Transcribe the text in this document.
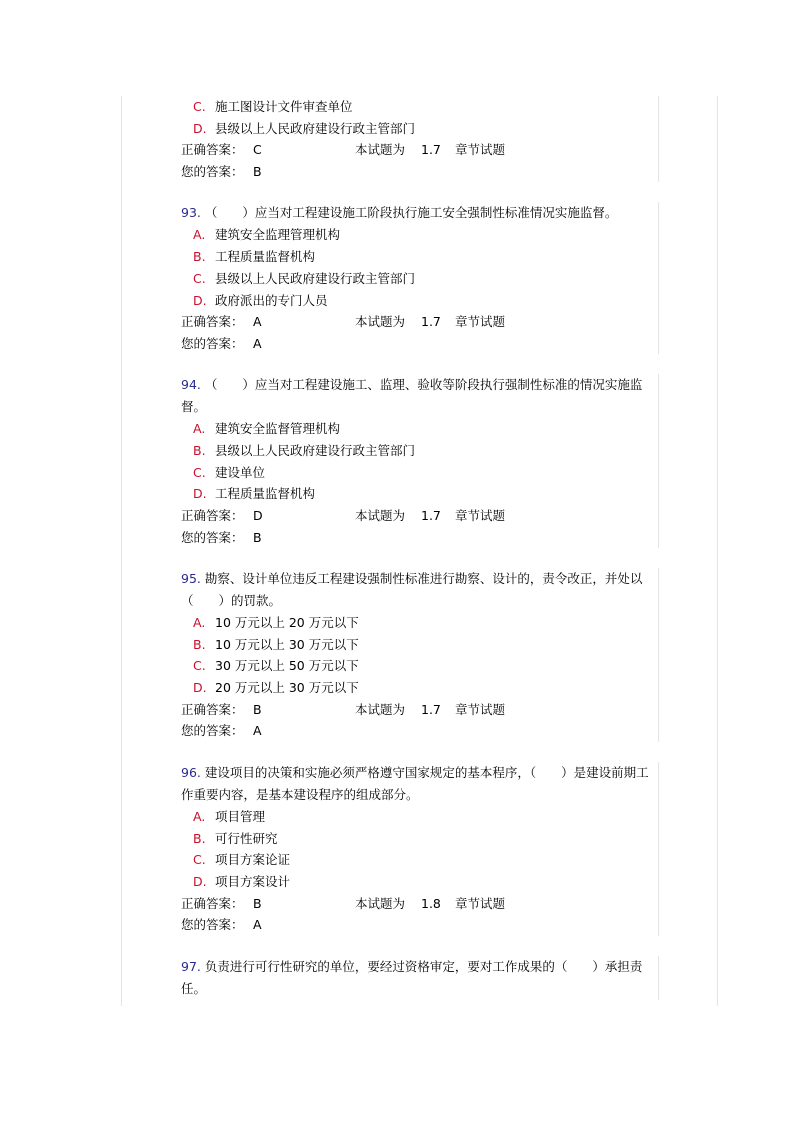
C. 施工图设计文件审查单位
D. 县级以上人民政府建设行政主管部门
正确答案： C	本试题为 1.7 章节试题
您的答案： B
93. （　　）应当对工程建设施工阶段执行施工安全强制性标准情况实施监督。
A. 建筑安全监理管理机构
B. 工程质量监督机构
C. 县级以上人民政府建设行政主管部门
D. 政府派出的专门人员
正确答案： A	本试题为 1.7 章节试题
您的答案： A
94. （　　）应当对工程建设施工、监理、验收等阶段执行强制性标准的情况实施监督。
A. 建筑安全监督管理机构
B. 县级以上人民政府建设行政主管部门
C. 建设单位
D. 工程质量监督机构
正确答案： D	本试题为 1.7 章节试题
您的答案： B
95. 勘察、设计单位违反工程建设强制性标准进行勘察、设计的，责令改正，并处以（　　）的罚款。
A. 10 万元以上 20 万元以下
B. 10 万元以上 30 万元以下
C. 30 万元以上 50 万元以下
D. 20 万元以上 30 万元以下
正确答案： B	本试题为 1.7 章节试题
您的答案： A
96. 建设项目的决策和实施必须严格遵守国家规定的基本程序，（　　）是建设前期工作重要内容，是基本建设程序的组成部分。
A. 项目管理
B. 可行性研究
C. 项目方案论证
D. 项目方案设计
正确答案： B	本试题为 1.8 章节试题
您的答案： A
97. 负责进行可行性研究的单位，要经过资格审定，要对工作成果的（　　）承担责任。
